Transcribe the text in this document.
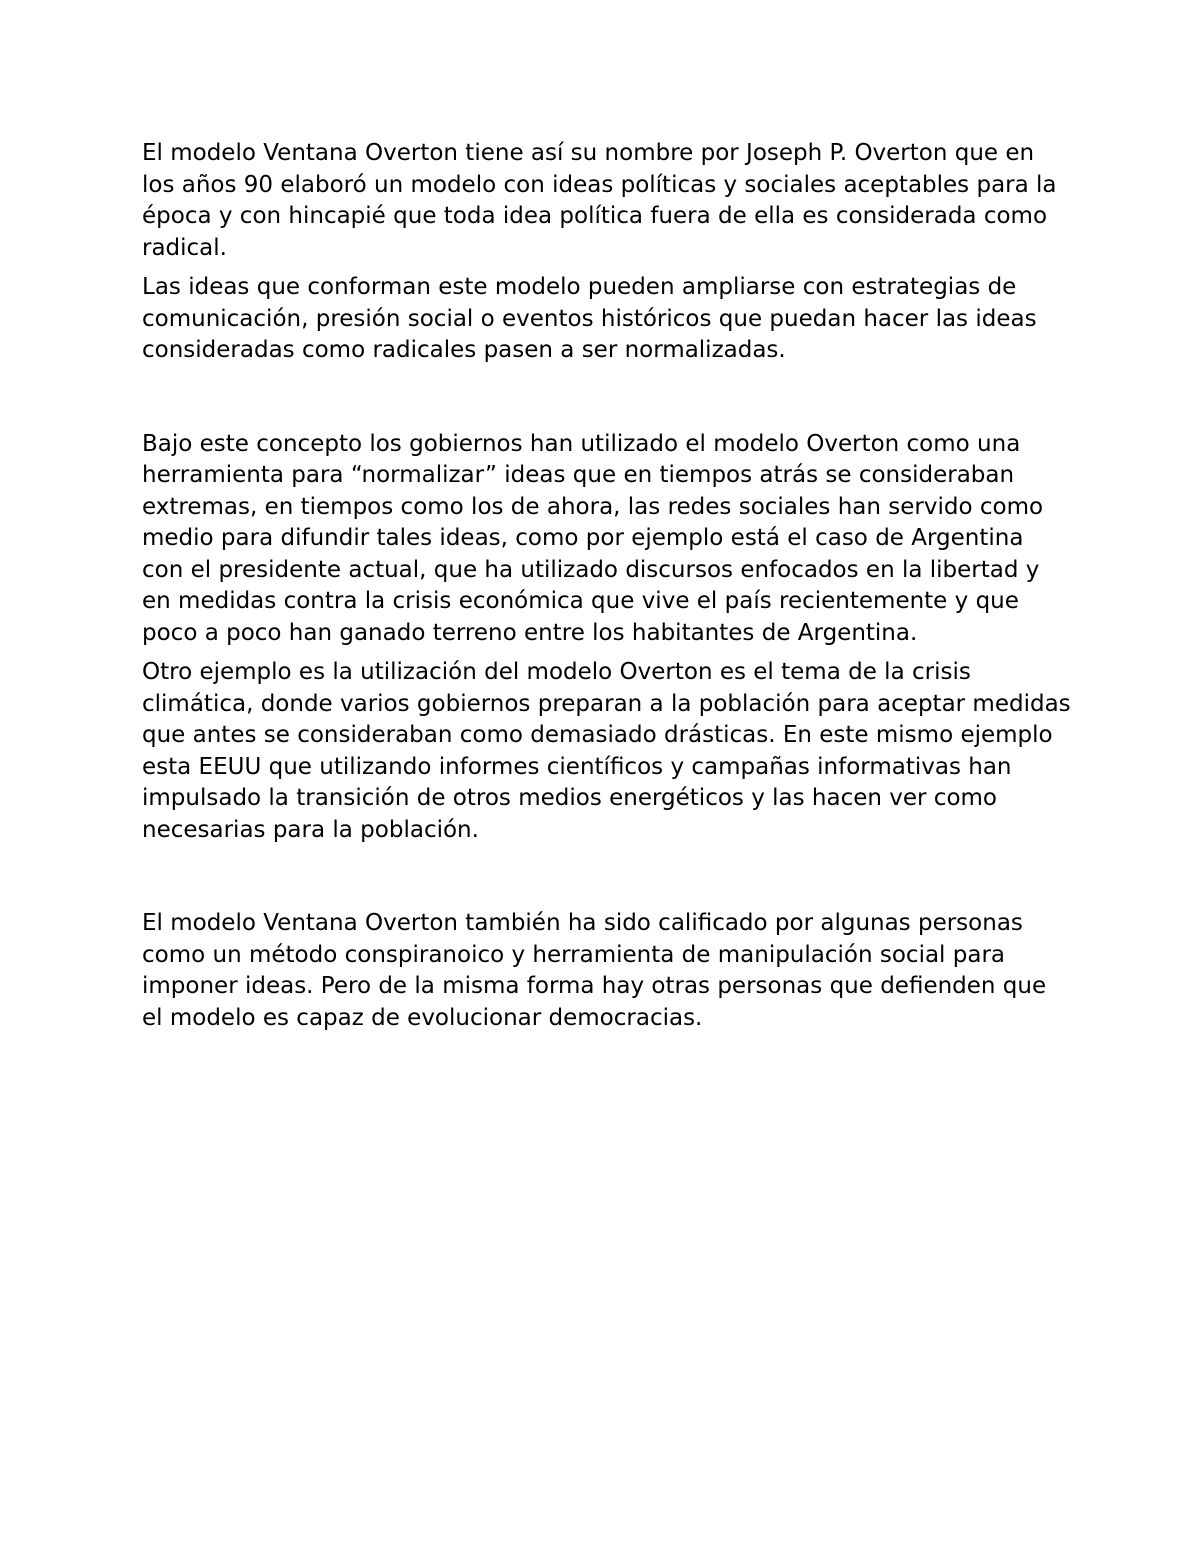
El modelo Ventana Overton tiene así su nombre por Joseph P. Overton que en los años 90 elaboró un modelo con ideas políticas y sociales aceptables para la época y con hincapié que toda idea política fuera de ella es considerada como radical.

Las ideas que conforman este modelo pueden ampliarse con estrategias de comunicación, presión social o eventos históricos que puedan hacer las ideas consideradas como radicales pasen a ser normalizadas.

Bajo este concepto los gobiernos han utilizado el modelo Overton como una herramienta para “normalizar” ideas que en tiempos atrás se consideraban extremas, en tiempos como los de ahora, las redes sociales han servido como medio para difundir tales ideas, como por ejemplo está el caso de Argentina con el presidente actual, que ha utilizado discursos enfocados en la libertad y en medidas contra la crisis económica que vive el país recientemente y que poco a poco han ganado terreno entre los habitantes de Argentina.

Otro ejemplo es la utilización del modelo Overton es el tema de la crisis climática, donde varios gobiernos preparan a la población para aceptar medidas que antes se consideraban como demasiado drásticas. En este mismo ejemplo esta EEUU que utilizando informes científicos y campañas informativas han impulsado la transición de otros medios energéticos y las hacen ver como necesarias para la población.

El modelo Ventana Overton también ha sido calificado por algunas personas como un método conspiranoico y herramienta de manipulación social para imponer ideas. Pero de la misma forma hay otras personas que defienden que el modelo es capaz de evolucionar democracias.
